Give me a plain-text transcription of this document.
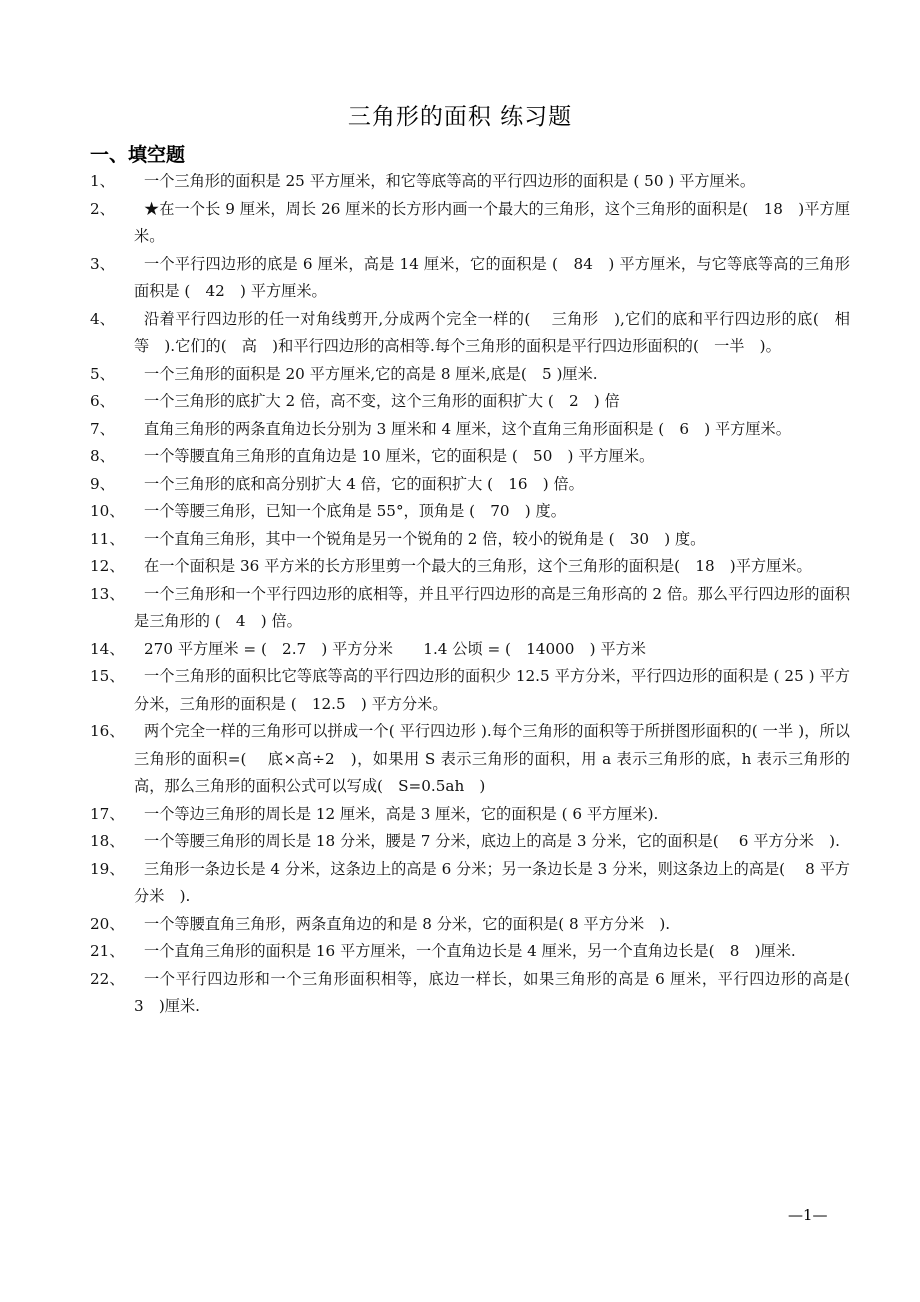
三角形的面积 练习题
一、填空题
1、	一个三角形的面积是 25 平方厘米，和它等底等高的平行四边形的面积是 ( 50 ) 平方厘米。
2、	★在一个长 9 厘米，周长 26 厘米的长方形内画一个最大的三角形，这个三角形的面积是(　18　)平方厘米。
3、	一个平行四边形的底是 6 厘米，高是 14 厘米，它的面积是 (　84　) 平方厘米，与它等底等高的三角形面积是 (　42　) 平方厘米。
4、	沿着平行四边形的任一对角线剪开,分成两个完全一样的(　 三角形　),它们的底和平行四边形的底(　相等　).它们的(　高　)和平行四边形的高相等.每个三角形的面积是平行四边形面积的(　一半　)。
5、	一个三角形的面积是 20 平方厘米,它的高是 8 厘米,底是(　5 )厘米.
6、	一个三角形的底扩大 2 倍，高不变，这个三角形的面积扩大 (　2　) 倍
7、	直角三角形的两条直角边长分别为 3 厘米和 4 厘米，这个直角三角形面积是 (　6　) 平方厘米。
8、	一个等腰直角三角形的直角边是 10 厘米，它的面积是 (　50　) 平方厘米。
9、	一个三角形的底和高分别扩大 4 倍，它的面积扩大 (　16　) 倍。
10、	一个等腰三角形，已知一个底角是 55°，顶角是 (　70　) 度。
11、	一个直角三角形，其中一个锐角是另一个锐角的 2 倍，较小的锐角是 (　30　) 度。
12、	在一个面积是 36 平方米的长方形里剪一个最大的三角形，这个三角形的面积是(　18　)平方厘米。
13、	一个三角形和一个平行四边形的底相等，并且平行四边形的高是三角形高的 2 倍。那么平行四边形的面积是三角形的 (　4　) 倍。
14、	270 平方厘米 = (　2.7　) 平方分米　　1.4 公顷 = (　14000　) 平方米
15、	一个三角形的面积比它等底等高的平行四边形的面积少 12.5 平方分米，平行四边形的面积是 ( 25 ) 平方分米，三角形的面积是 (　12.5　) 平方分米。
16、	两个完全一样的三角形可以拼成一个( 平行四边形 ).每个三角形的面积等于所拼图形面积的( 一半 )，所以三角形的面积=(　 底×高÷2　)，如果用 S 表示三角形的面积，用 a 表示三角形的底，h 表示三角形的高，那么三角形的面积公式可以写成(　S=0.5ah　)
17、	一个等边三角形的周长是 12 厘米，高是 3 厘米，它的面积是 ( 6 平方厘米).
18、	一个等腰三角形的周长是 18 分米，腰是 7 分米，底边上的高是 3 分米，它的面积是(　 6 平方分米　).
19、	三角形一条边长是 4 分米，这条边上的高是 6 分米；另一条边长是 3 分米，则这条边上的高是(　 8 平方分米　).
20、	一个等腰直角三角形，两条直角边的和是 8 分米，它的面积是( 8 平方分米　).
21、	一个直角三角形的面积是 16 平方厘米，一个直角边长是 4 厘米，另一个直角边长是(　8　)厘米.
22、	一个平行四边形和一个三角形面积相等，底边一样长，如果三角形的高是 6 厘米，平行四边形的高是(　3　)厘米.
—1—
